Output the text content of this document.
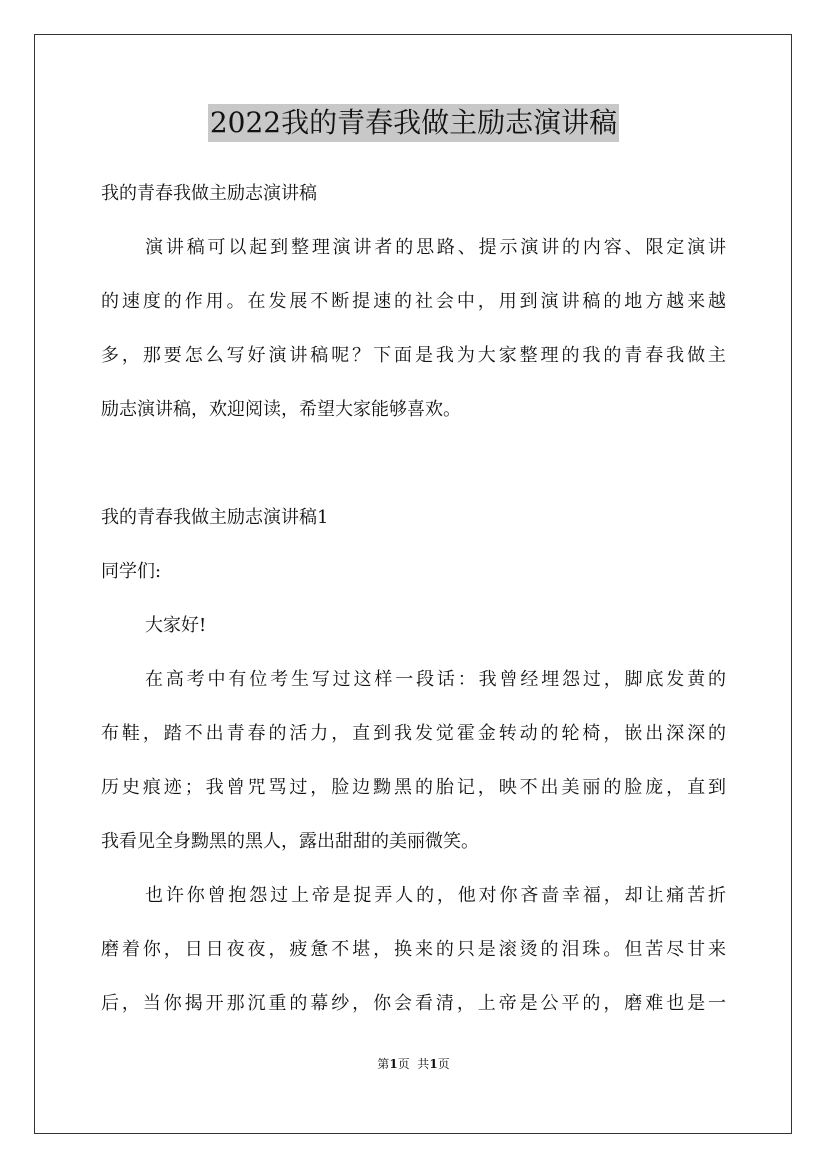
2022我的青春我做主励志演讲稿
我的青春我做主励志演讲稿
演讲稿可以起到整理演讲者的思路、提示演讲的内容、限定演讲
的速度的作用。在发展不断提速的社会中，用到演讲稿的地方越来越
多，那要怎么写好演讲稿呢？下面是我为大家整理的我的青春我做主
励志演讲稿，欢迎阅读，希望大家能够喜欢。
我的青春我做主励志演讲稿1
同学们:
大家好!
在高考中有位考生写过这样一段话：我曾经埋怨过，脚底发黄的
布鞋，踏不出青春的活力，直到我发觉霍金转动的轮椅，嵌出深深的
历史痕迹；我曾咒骂过，脸边黝黑的胎记，映不出美丽的脸庞，直到
我看见全身黝黑的黑人，露出甜甜的美丽微笑。
也许你曾抱怨过上帝是捉弄人的，他对你吝啬幸福，却让痛苦折
磨着你，日日夜夜，疲惫不堪，换来的只是滚烫的泪珠。但苦尽甘来
后，当你揭开那沉重的幕纱，你会看清，上帝是公平的，磨难也是一
第1页  共1页
